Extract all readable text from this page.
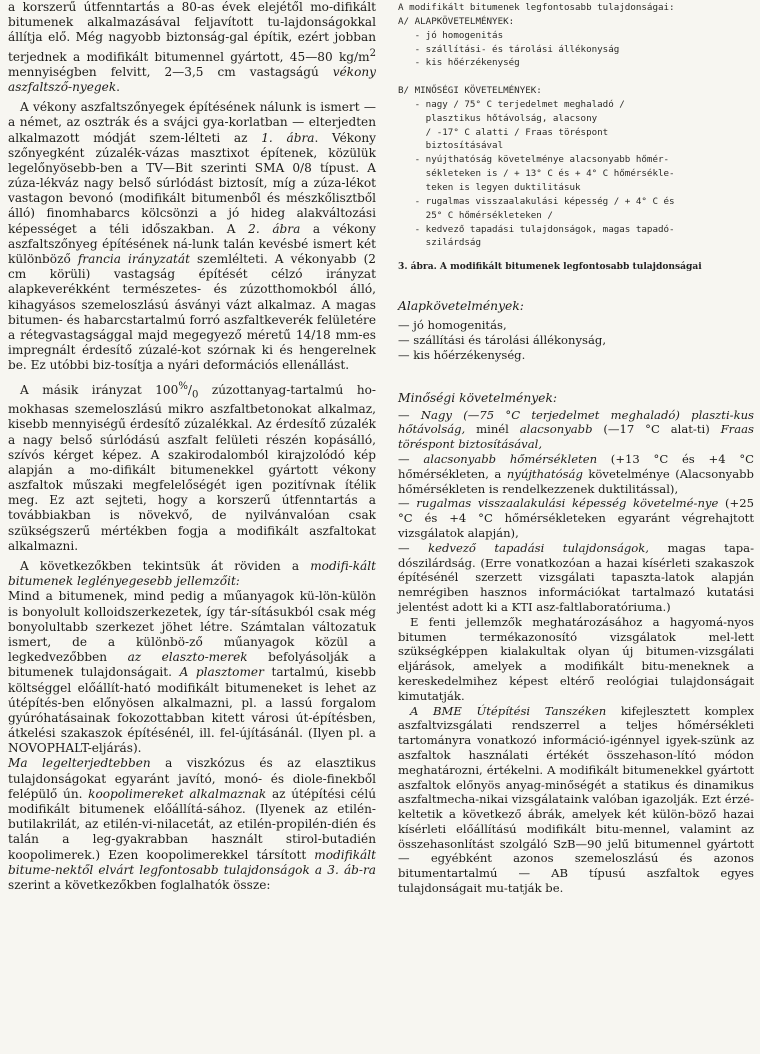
a korszerű útfenntartás a 80-as évek elejétől mo-difikált bitumenek alkalmazásával feljavított tu-lajdonságokkal állítja elő. Még nagyobb biztonság-gal építik, ezért jobban terjednek a modifikált bitumennel gyártott, 45—80 $kg/m^2$ mennyiségben felvitt, 2—3,5 cm vastagságú vékony aszfaltsző-nyegek.

A vékony aszfaltszőnyegek építésének nálunk is ismert — a német, az osztrák és a svájci gya-korlatban — elterjedten alkalmazott módját szem-lélteti az 1. ábra. Vékony szőnyegként zúzalék-vázas masztixot építenek, közülük legelőnyösebb-ben a TV—Bit szerinti SMA 0/8 típust. A zúza-lékváz nagy belső súrlódást biztosít, míg a zúza-lékot vastagon bevonó (modifikált bitumenből és mészkőlisztből álló) finomhabarcs kölcsönzi a jó hideg alakváltozási képességet a téli időszakban. A 2. ábra a vékony aszfaltszőnyeg építésének ná-lunk talán kevésbé ismert két különböző francia irányzatát szemlélteti. A vékonyabb (2 cm körüli) vastagság építését célzó irányzat alapkeverékként természetes- és zúzotthomokból álló, kihagyásos szemeloszlású ásványi vázt alkalmaz. A magas bitumen- és habarcstartalmú forró aszfaltkeverék felületére a rétegvastagsággal majd megegyező méretű 14/18 mm-es impregnált érdesítő zúzalé-kot szórnak ki és hengerelnek be. Ez utóbbi biz-tosítja a nyári deformációs ellenállást.

A másik irányzat $100^{\%}/_0$ zúzottanyag-tartalmú ho-mokhasas szemeloszlású mikro aszfaltbetonokat alkalmaz, kisebb mennyiségű érdesítő zúzalékkal. Az érdesítő zúzalék a nagy belső súrlódású aszfalt felületi részén kopásálló, szívós kérget képez. A szakirodalomból kirajzolódó kép alapján a mo-difikált bitumenekkel gyártott vékony aszfaltok műszaki megfelelőségét igen pozitívnak ítélik meg. Ez azt sejteti, hogy a korszerű útfenntartás a továbbiakban is növekvő, de nyilvánvalóan csak szükségszerű mértékben fogja a modifikált aszfaltokat alkalmazni.

A következőkben tekintsük át röviden a modifi-kált bitumenek leglényegesebb jellemzőit:

Mind a bitumenek, mind pedig a műanyagok kü-lön-külön is bonyolult kolloidszerkezetek, így tár-sításukból csak még bonyolultabb szerkezet jöhet létre. Számtalan változatuk ismert, de a különbö-ző műanyagok közül a legkedvezőbben az elaszto-merek befolyásolják a bitumenek tulajdonságait. A plasztomer tartalmú, kisebb költséggel előállít-ható modifikált bitumeneket is lehet az útépítés-ben előnyösen alkalmazni, pl. a lassú forgalom gyúróhatásainak fokozottabban kitett városi út-építésben, átkelési szakaszok építésénél, ill. fel-újításánál. (Ilyen pl. a NOVOPHALT-eljárás).

Ma legelterjedtebben a viszkózus és az elasztikus tulajdonságokat egyaránt javító, monó- és diole-finekből felépülő ún. koopolimereket alkalmaznak az útépítési célú modifikált bitumenek előállítá-sához. (Ilyenek az etilén-butilakrilát, az etilén-vi-nilacetát, az etilén-propilén-dién és talán a leg-gyakrabban használt stirol-butadién koopolimerek.) Ezen koopolimerekkel társított modifikált bitume-nektől elvárt legfontosabb tulajdonságok a 3. áb-ra szerint a következőkben foglalhatók össze:

A modifikált bitumenek legfontosabb tulajdonságai:
A/ ALAPKÖVETELMÉNYEK:
- jó homogenitás
- szállítási- és tárolási állékonyság
- kis hőérzékenység

B/ MINŐSÉGI KÖVETELMÉNYEK:
- nagy / 75° C terjedelmet meghaladó /
plasztikus hőtávolság, alacsony
/ -17° C alatti / Fraas töréspont
biztosításával
- nyújthatóság követelménye alacsonyabb hőmér-
sékleteken is / + 13° C és + 4° C hőmérsékle-
teken is legyen duktilitásuk
- rugalmas visszaalakulási képesség / + 4° C és
25° C hőmérsékleteken /
- kedvező tapadási tulajdonságok, magas tapadó-
szilárdság
3. ábra. A modifikált bitumenek legfontosabb tulajdonságai
Alapkövetelmények:
— jó homogenitás,
— szállítási és tárolási állékonyság,
— kis hőérzékenység.
Minőségi követelmények:

— Nagy (—75 °C terjedelmet meghaladó) plaszti-kus hőtávolság, minél alacsonyabb (—17 °C alat-ti) Fraas töréspont biztosításával,

— alacsonyabb hőmérsékleten (+13 °C és +4 °C hőmérsékleten, a nyújthatóság követelménye (Alacsonyabb hőmérsékleten is rendelkezzenek duktilitással),

— rugalmas visszaalakulási képesség követelmé-nye (+25 °C és +4 °C hőmérsékleteken egyaránt végrehajtott vizsgálatok alapján),

— kedvező tapadási tulajdonságok, magas tapa-dószilárdság. (Erre vonatkozóan a hazai kísérleti szakaszok építésénél szerzett vizsgálati tapaszta-latok alapján nemrégiben hasznos információkat tartalmazó kutatási jelentést adott ki a KTI asz-faltlaboratóriuma.)

E fenti jellemzők meghatározásához a hagyomá-nyos bitumen termékazonosító vizsgálatok mel-lett szükségképpen kialakultak olyan új bitumen-vizsgálati eljárások, amelyek a modifikált bitu-meneknek a kereskedelmihez képest eltérő reológiai tulajdonságait kimutatják.

A BME Útépítési Tanszéken kifejlesztett komplex aszfaltvizsgálati rendszerrel a teljes hőmérsékleti tartományra vonatkozó információ-igénnyel igyek-szünk az aszfaltok használati értékét összehason-lító módon meghatározni, értékelni. A modifikált bitumenekkel gyártott aszfaltok előnyös anyag-minőségét a statikus és dinamikus aszfaltmecha-nikai vizsgálataink valóban igazolják. Ezt érzé-keltetik a következő ábrák, amelyek két külön-böző hazai kísérleti előállítású modifikált bitu-mennel, valamint az összehasonlítást szolgáló SzB—90 jelű bitumennel gyártott — egyébként azonos szemeloszlású és azonos bitumentartalmú — AB típusú aszfaltok egyes tulajdonságait mu-tatják be.
